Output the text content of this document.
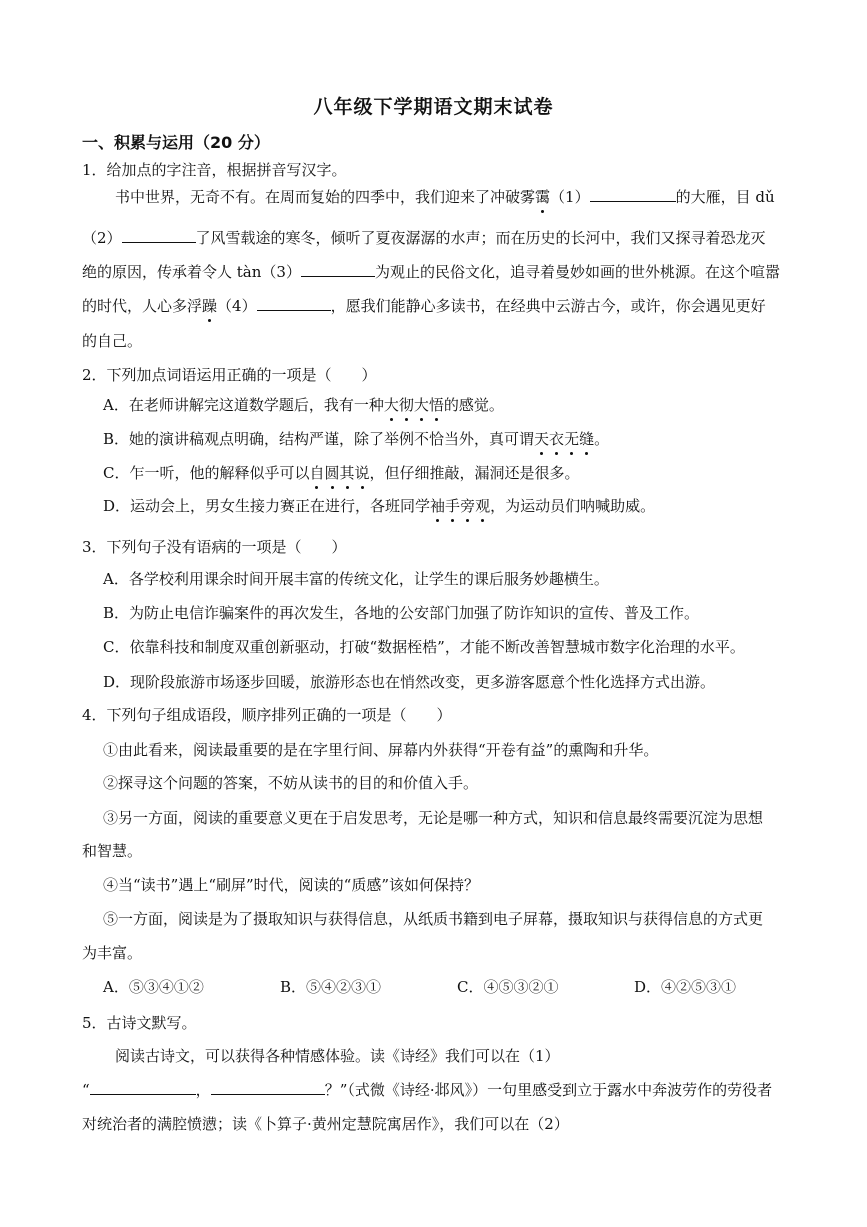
八年级下学期语文期末试卷
一、积累与运用（20 分）
1．给加点的字注音，根据拼音写汉字。
书中世界，无奇不有。在周而复始的四季中，我们迎来了冲破雾霭（1）	的大雁，目 dǔ
（2）	了风雪载途的寒冬，倾听了夏夜潺潺的水声；而在历史的长河中，我们又探寻着恐龙灭
绝的原因，传承着令人 tàn（3）	为观止的民俗文化，追寻着曼妙如画的世外桃源。在这个喧嚣
的时代，人心多浮躁（4）	，愿我们能静心多读书，在经典中云游古今，或许，你会遇见更好
的自己。
2．下列加点词语运用正确的一项是（　　）
A．在老师讲解完这道数学题后，我有一种大彻大悟的感觉。
B．她的演讲稿观点明确，结构严谨，除了举例不恰当外，真可谓天衣无缝。
C．乍一听，他的解释似乎可以自圆其说，但仔细推敲，漏洞还是很多。
D．运动会上，男女生接力赛正在进行，各班同学袖手旁观，为运动员们呐喊助威。
3．下列句子没有语病的一项是（　　）
A．各学校利用课余时间开展丰富的传统文化，让学生的课后服务妙趣横生。
B．为防止电信诈骗案件的再次发生，各地的公安部门加强了防诈知识的宣传、普及工作。
C．依靠科技和制度双重创新驱动，打破“数据桎梏”，才能不断改善智慧城市数字化治理的水平。
D．现阶段旅游市场逐步回暖，旅游形态也在悄然改变，更多游客愿意个性化选择方式出游。
4．下列句子组成语段，顺序排列正确的一项是（　　）
①由此看来，阅读最重要的是在字里行间、屏幕内外获得“开卷有益”的熏陶和升华。
②探寻这个问题的答案，不妨从读书的目的和价值入手。
③另一方面，阅读的重要意义更在于启发思考，无论是哪一种方式，知识和信息最终需要沉淀为思想
和智慧。
④当“读书”遇上“刷屏”时代，阅读的“质感”该如何保持？
⑤一方面，阅读是为了摄取知识与获得信息，从纸质书籍到电子屏幕，摄取知识与获得信息的方式更
为丰富。
A．⑤③④①②	B．⑤④②③①	C．④⑤③②①	D．④②⑤③①
5．古诗文默写。
阅读古诗文，可以获得各种情感体验。读《诗经》我们可以在（1）
“	，	？”（式微《诗经·邶风》）一句里感受到立于露水中奔波劳作的劳役者
对统治者的满腔愤懑；读《卜算子·黄州定慧院寓居作》，我们可以在（2）
